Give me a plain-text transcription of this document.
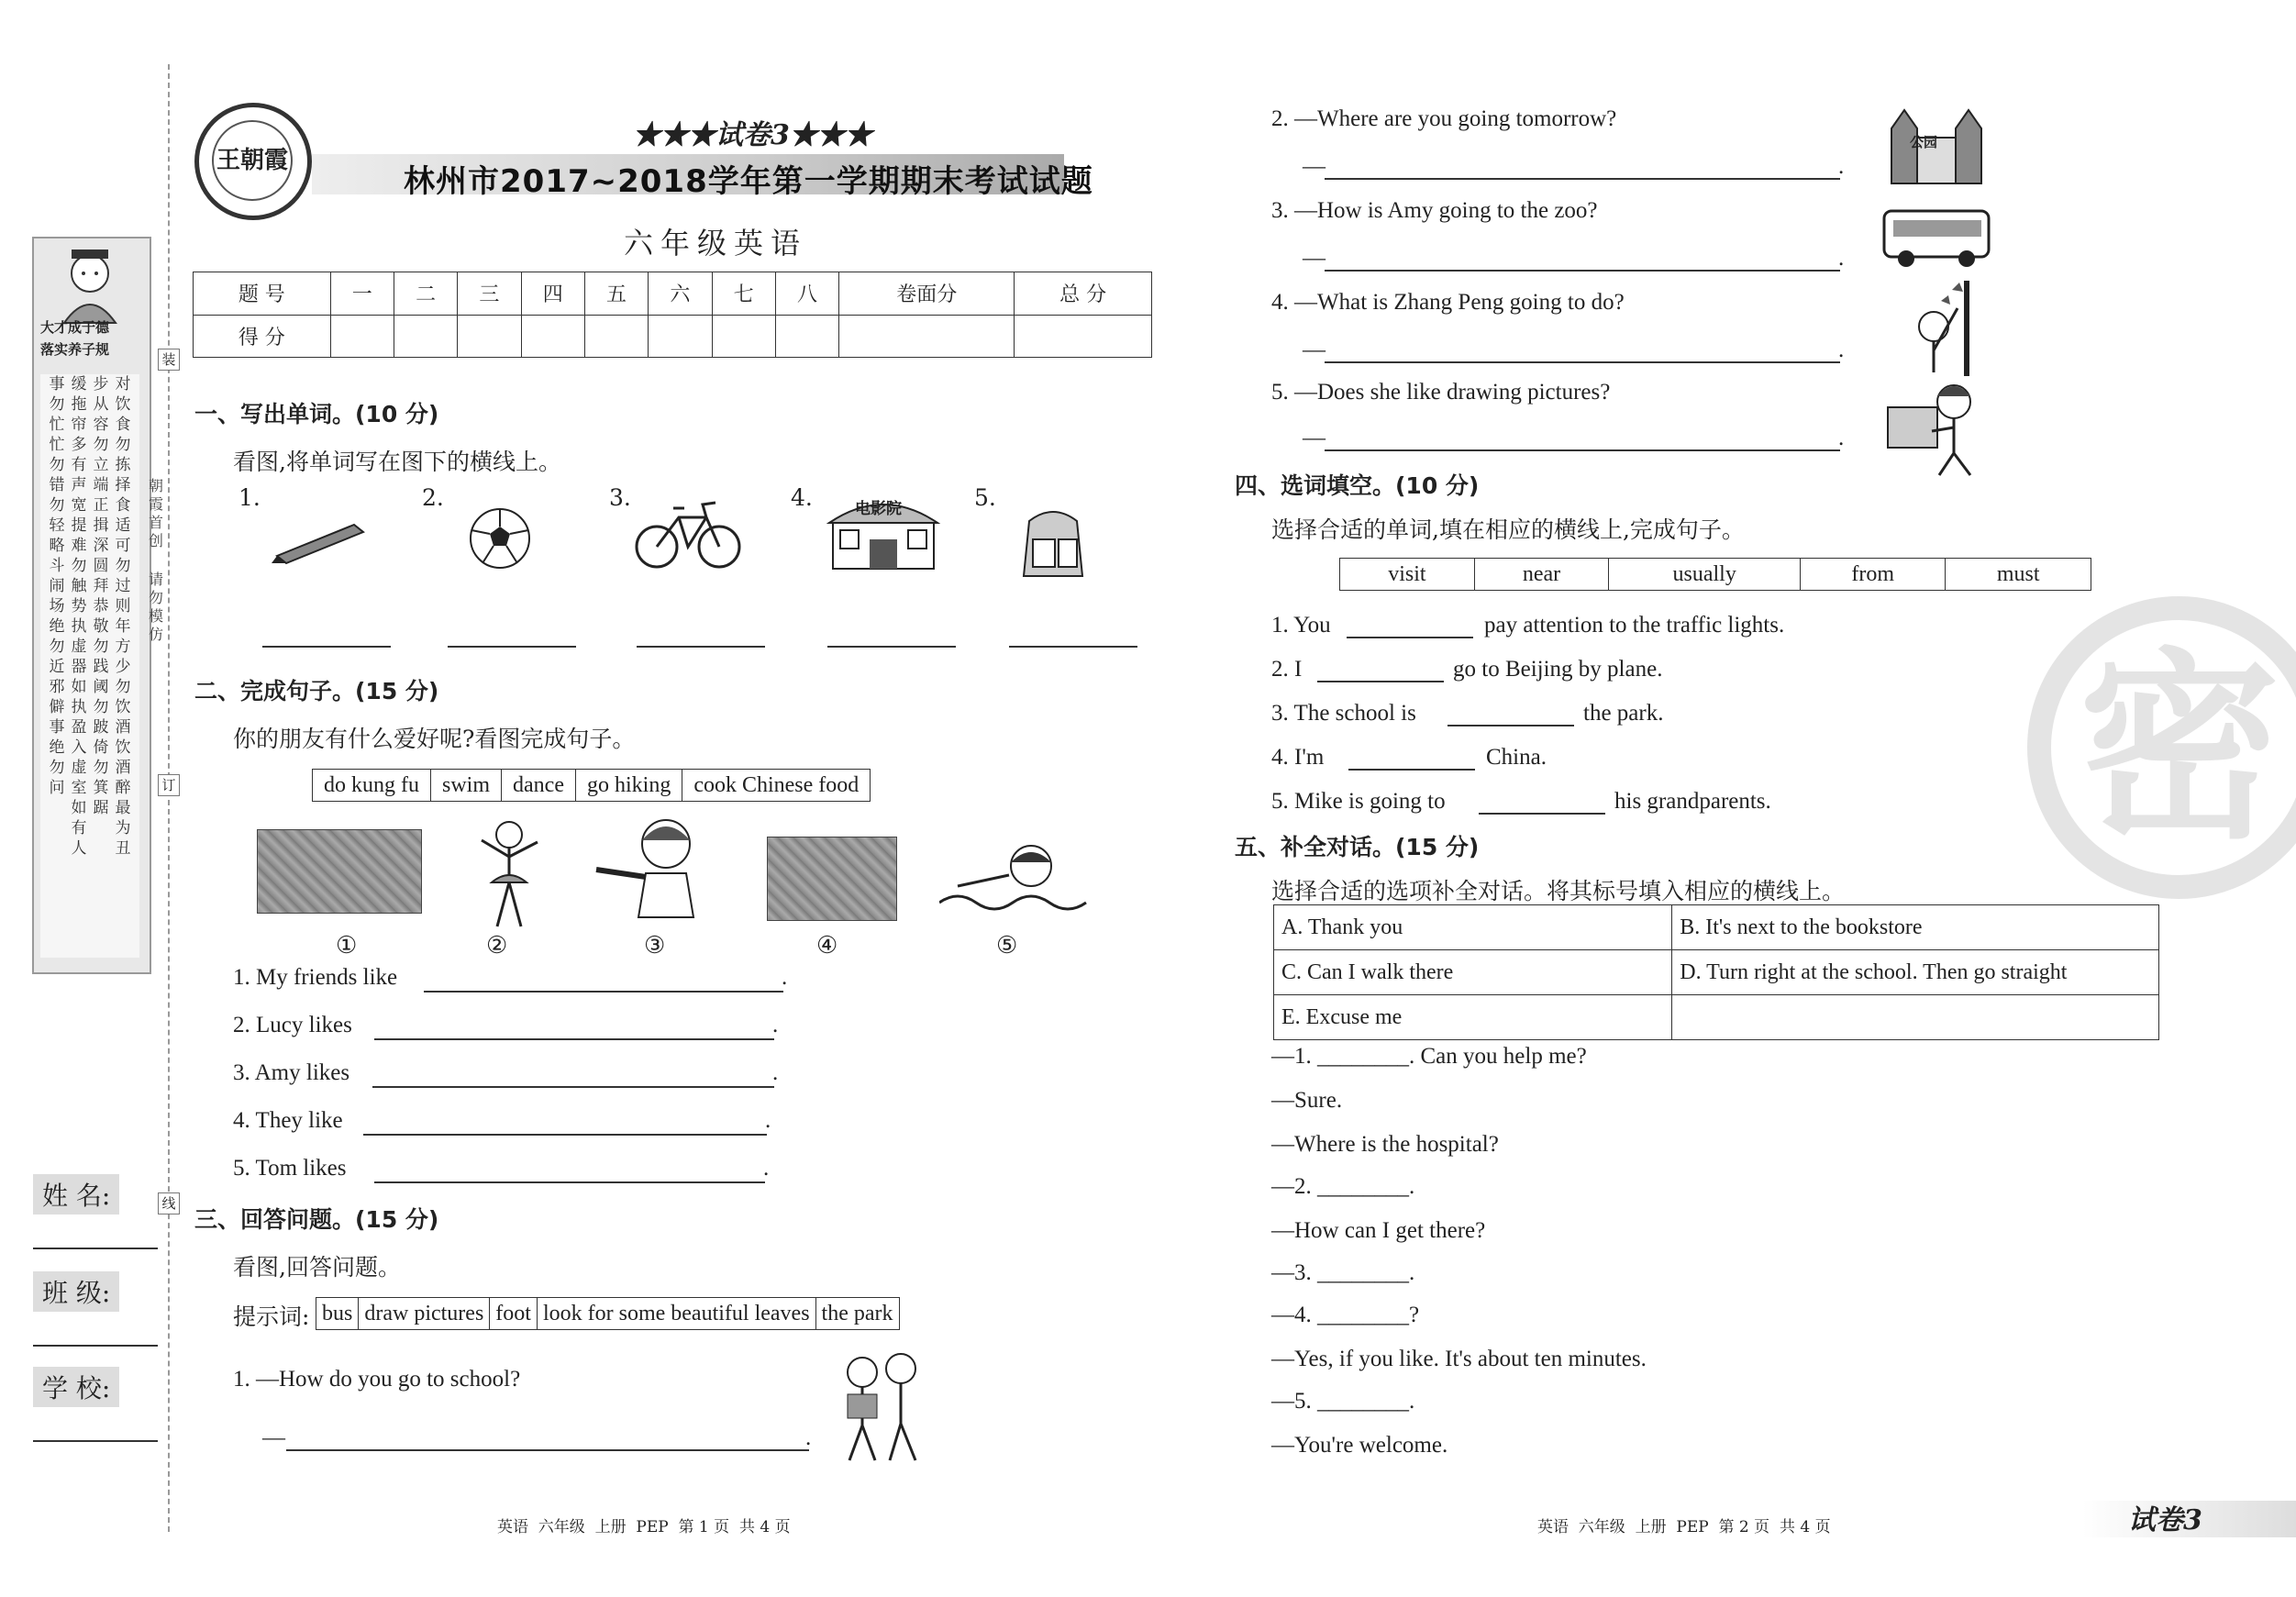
大才成于德
落实养子规
事勿忙忙勿错勿轻略斗闹场绝勿近邪僻事绝勿问
缓拖帘多有声宽提难勿触势执虚器如执盈入虚室如有人
步从容勿立端正揖深圆拜恭敬勿践阈勿跛倚勿箕踞
对饮食勿拣择食适可勿过则年方少勿饮酒饮酒醉最为丑
装
订
线
朝霞首创
请勿模仿
姓 名:
班 级:
学 校:
王朝霞
★★★试卷3★★★
林州市2017~2018学年第一学期期末考试试题
六年级英语
题 号	一	二	三	四	五	六	七	八	卷面分	总 分
得 分										
一、写出单词。(10 分)
看图,将单词写在图下的横线上。
1.	2.	3.	4.	5.
电影院
二、完成句子。(15 分)
你的朋友有什么爱好呢?看图完成句子。
do kung fu	swim	dance	go hiking	cook Chinese food
①	②	③	④	⑤
1. My friends like	.
2. Lucy likes	.
3. Amy likes	.
4. They like	.
5. Tom likes	.
三、回答问题。(15 分)
看图,回答问题。
提示词: bus	draw pictures	foot	look for some beautiful leaves	the park
1. —How do you go to school?
—	.
2. —Where are you going tomorrow?
—	.
公园
3. —How is Amy going to the zoo?
—	.
4. —What is Zhang Peng going to do?
—	.
5. —Does she like drawing pictures?
—	.
四、选词填空。(10 分)
选择合适的单词,填在相应的横线上,完成句子。
visit	near	usually	from	must
1. You	pay attention to the traffic lights.
2. I	go to Beijing by plane.
3. The school is	the park.
4. I'm	China.
5. Mike is going to	his grandparents.
五、补全对话。(15 分)
选择合适的选项补全对话。将其标号填入相应的横线上。
A. Thank you	B. It's next to the bookstore
C. Can I walk there	D. Turn right at the school. Then go straight
E. Excuse me	
—1. ________. Can you help me?
—Sure.
—Where is the hospital?
—2. ________.
—How can I get there?
—3. ________.
—4. ________?
—Yes, if you like. It's about ten minutes.
—5. ________.
—You're welcome.
密
英语  六年级  上册  PEP  第 1 页  共 4 页	英语  六年级  上册  PEP  第 2 页  共 4 页	试卷3
